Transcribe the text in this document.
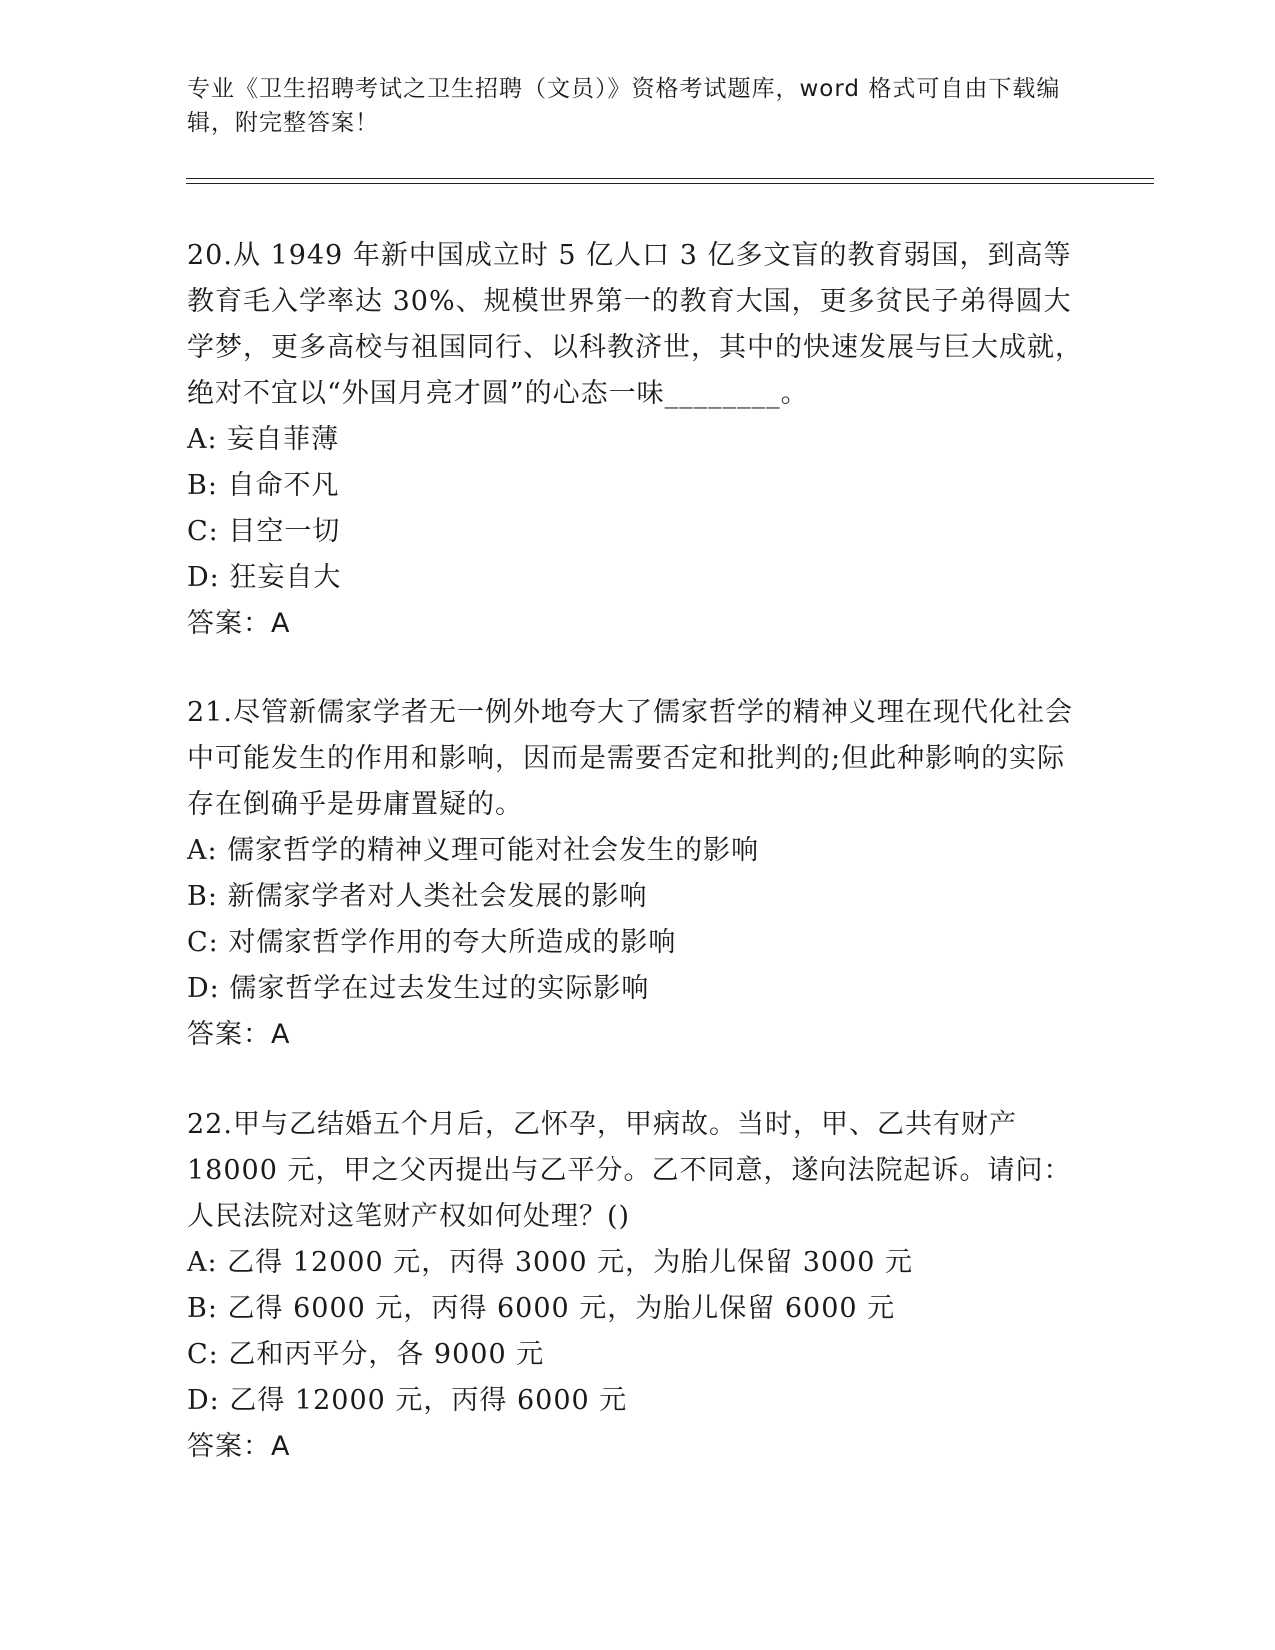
专业《卫生招聘考试之卫生招聘（文员）》资格考试题库，word 格式可自由下载编辑，附完整答案！
20.从 1949 年新中国成立时 5 亿人口 3 亿多文盲的教育弱国，到高等教育毛入学率达 30%、规模世界第一的教育大国，更多贫民子弟得圆大学梦，更多高校与祖国同行、以科教济世，其中的快速发展与巨大成就，绝对不宜以“外国月亮才圆”的心态一味________。
A: 妄自菲薄
B: 自命不凡
C: 目空一切
D: 狂妄自大
答案：A
21.尽管新儒家学者无一例外地夸大了儒家哲学的精神义理在现代化社会中可能发生的作用和影响，因而是需要否定和批判的;但此种影响的实际存在倒确乎是毋庸置疑的。
A: 儒家哲学的精神义理可能对社会发生的影响
B: 新儒家学者对人类社会发展的影响
C: 对儒家哲学作用的夸大所造成的影响
D: 儒家哲学在过去发生过的实际影响
答案：A
22.甲与乙结婚五个月后，乙怀孕，甲病故。当时，甲、乙共有财产 18000 元，甲之父丙提出与乙平分。乙不同意，遂向法院起诉。请问：人民法院对这笔财产权如何处理？()
A: 乙得 12000 元，丙得 3000 元，为胎儿保留 3000 元
B: 乙得 6000 元，丙得 6000 元，为胎儿保留 6000 元
C: 乙和丙平分，各 9000 元
D: 乙得 12000 元，丙得 6000 元
答案：A
